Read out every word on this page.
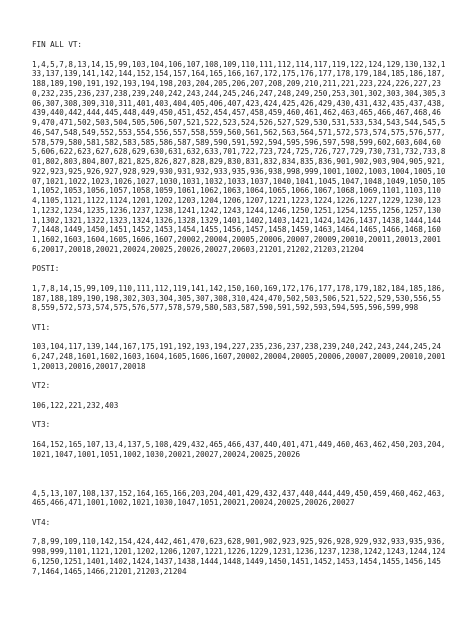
FIN ALL VT:
1,4,5,7,8,13,14,15,99,103,104,106,107,108,109,110,111,112,114,117,119,122,124,129,130,132,133,137,139,141,142,144,152,154,157,164,165,166,167,172,175,176,177,178,179,184,185,186,187,188,189,190,191,192,193,194,198,203,204,205,206,207,208,209,210,211,221,223,224,226,227,230,232,235,236,237,238,239,240,242,243,244,245,246,247,248,249,250,253,301,302,303,304,305,306,307,308,309,310,311,401,403,404,405,406,407,423,424,425,426,429,430,431,432,435,437,438,439,440,442,444,445,448,449,450,451,452,454,457,458,459,460,461,462,463,465,466,467,468,469,470,471,502,503,504,505,506,507,521,522,523,524,526,527,529,530,531,533,534,543,544,545,546,547,548,549,552,553,554,556,557,558,559,560,561,562,563,564,571,572,573,574,575,576,577,578,579,580,581,582,583,585,586,587,589,590,591,592,594,595,596,597,598,599,602,603,604,605,606,622,623,627,628,629,630,631,632,633,701,722,723,724,725,726,727,729,730,731,732,733,801,802,803,804,807,821,825,826,827,828,829,830,831,832,834,835,836,901,902,903,904,905,921,922,923,925,926,927,928,929,930,931,932,933,935,936,938,998,999,1001,1002,1003,1004,1005,1007,1021,1022,1023,1026,1027,1030,1031,1032,1033,1037,1040,1041,1045,1047,1048,1049,1050,1051,1052,1053,1056,1057,1058,1059,1061,1062,1063,1064,1065,1066,1067,1068,1069,1101,1103,1104,1105,1121,1122,1124,1201,1202,1203,1204,1206,1207,1221,1223,1224,1226,1227,1229,1230,1231,1232,1234,1235,1236,1237,1238,1241,1242,1243,1244,1246,1250,1251,1254,1255,1256,1257,1301,1302,1321,1322,1323,1324,1326,1328,1329,1401,1402,1403,1421,1424,1426,1437,1438,1444,1447,1448,1449,1450,1451,1452,1453,1454,1455,1456,1457,1458,1459,1463,1464,1465,1466,1468,1601,1602,1603,1604,1605,1606,1607,20002,20004,20005,20006,20007,20009,20010,20011,20013,20016,20017,20018,20021,20024,20025,20026,20027,20603,21201,21202,21203,21204
POSTI:
1,7,8,14,15,99,109,110,111,112,119,141,142,150,160,169,172,176,177,178,179,182,184,185,186,187,188,189,190,198,302,303,304,305,307,308,310,424,470,502,503,506,521,522,529,530,556,558,559,572,573,574,575,576,577,578,579,580,583,587,590,591,592,593,594,595,596,599,998
VT1:
103,104,117,139,144,167,175,191,192,193,194,227,235,236,237,238,239,240,242,243,244,245,246,247,248,1601,1602,1603,1604,1605,1606,1607,20002,20004,20005,20006,20007,20009,20010,20011,20013,20016,20017,20018
VT2:
106,122,221,232,403
VT3:
164,152,165,107,13,4,137,5,108,429,432,465,466,437,440,401,471,449,460,463,462,450,203,204,1021,1047,1001,1051,1002,1030,20021,20027,20024,20025,20026
4,5,13,107,108,137,152,164,165,166,203,204,401,429,432,437,440,444,449,450,459,460,462,463,465,466,471,1001,1002,1021,1030,1047,1051,20021,20024,20025,20026,20027
VT4:
7,8,99,109,110,142,154,424,442,461,470,623,628,901,902,923,925,926,928,929,932,933,935,936,998,999,1101,1121,1201,1202,1206,1207,1221,1226,1229,1231,1236,1237,1238,1242,1243,1244,1246,1250,1251,1401,1402,1424,1437,1438,1444,1448,1449,1450,1451,1452,1453,1454,1455,1456,1457,1464,1465,1466,21201,21203,21204
